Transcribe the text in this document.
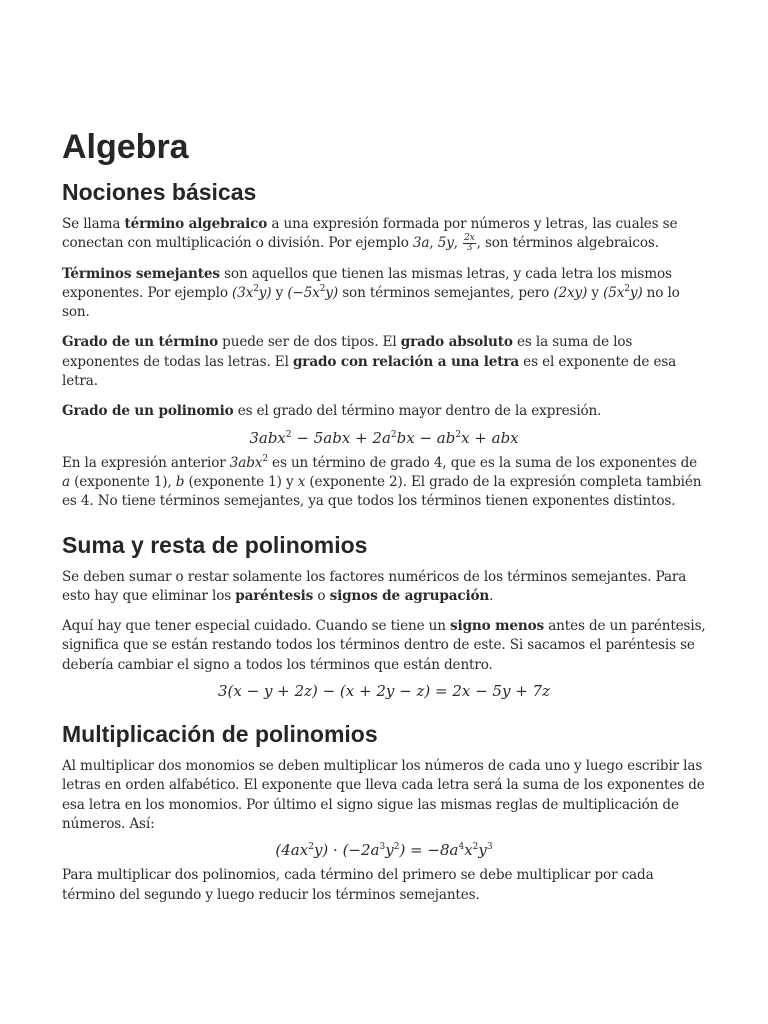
Algebra
Nociones básicas

Se llama término algebraico a una expresión formada por números y letras, las cuales se conectan con multiplicación o división. Por ejemplo 3a, 5y, $\frac{2x}{3}$ , son términos algebraicos.

Términos semejantes son aquellos que tienen las mismas letras, y cada letra los mismos exponentes. Por ejemplo $(3x^2y)$ y $(-5x^2y)$ son términos semejantes, pero (2xy) y $(5x^2y)$ no lo son.

Grado de un término puede ser de dos tipos. El grado absoluto es la suma de los exponentes de todas las letras. El grado con relación a una letra es el exponente de esa letra.

Grado de un polinomio es el grado del término mayor dentro de la expresión.

$3abx^2 - 5abx + 2a^2bx - ab^2x$ + abx

En la expresión anterior 3abx$^2$ es un término de grado 4, que es la suma de los exponentes de a (exponente 1), b (exponente 1) y x (exponente 2). El grado de la expresión completa también es 4. No tiene términos semejantes, ya que todos los términos tienen exponentes distintos.

Suma y resta de polinomios

Se deben sumar o restar solamente los factores numéricos de los términos semejantes. Para esto hay que eliminar los paréntesis o signos de agrupación.

Aquí hay que tener especial cuidado. Cuando se tiene un signo menos antes de un paréntesis, significa que se están restando todos los términos dentro de este. Si sacamos el paréntesis se debería cambiar el signo a todos los términos que están dentro.

3(x − y + 2z) − (x + 2y − z) = 2x − 5y + 7z
Multiplicación de polinomios

Al multiplicar dos monomios se deben multiplicar los números de cada uno y luego escribir las letras en orden alfabético. El exponente que lleva cada letra será la suma de los exponentes de esa letra en los monomios. Por último el signo sigue las mismas reglas de multiplicación de números. Así:

$(4ax^2y) \cdot (-2a^3y^2) = -8a^4x^2y^3$

Para multiplicar dos polinomios, cada término del primero se debe multiplicar por cada término del segundo y luego reducir los términos semejantes.
